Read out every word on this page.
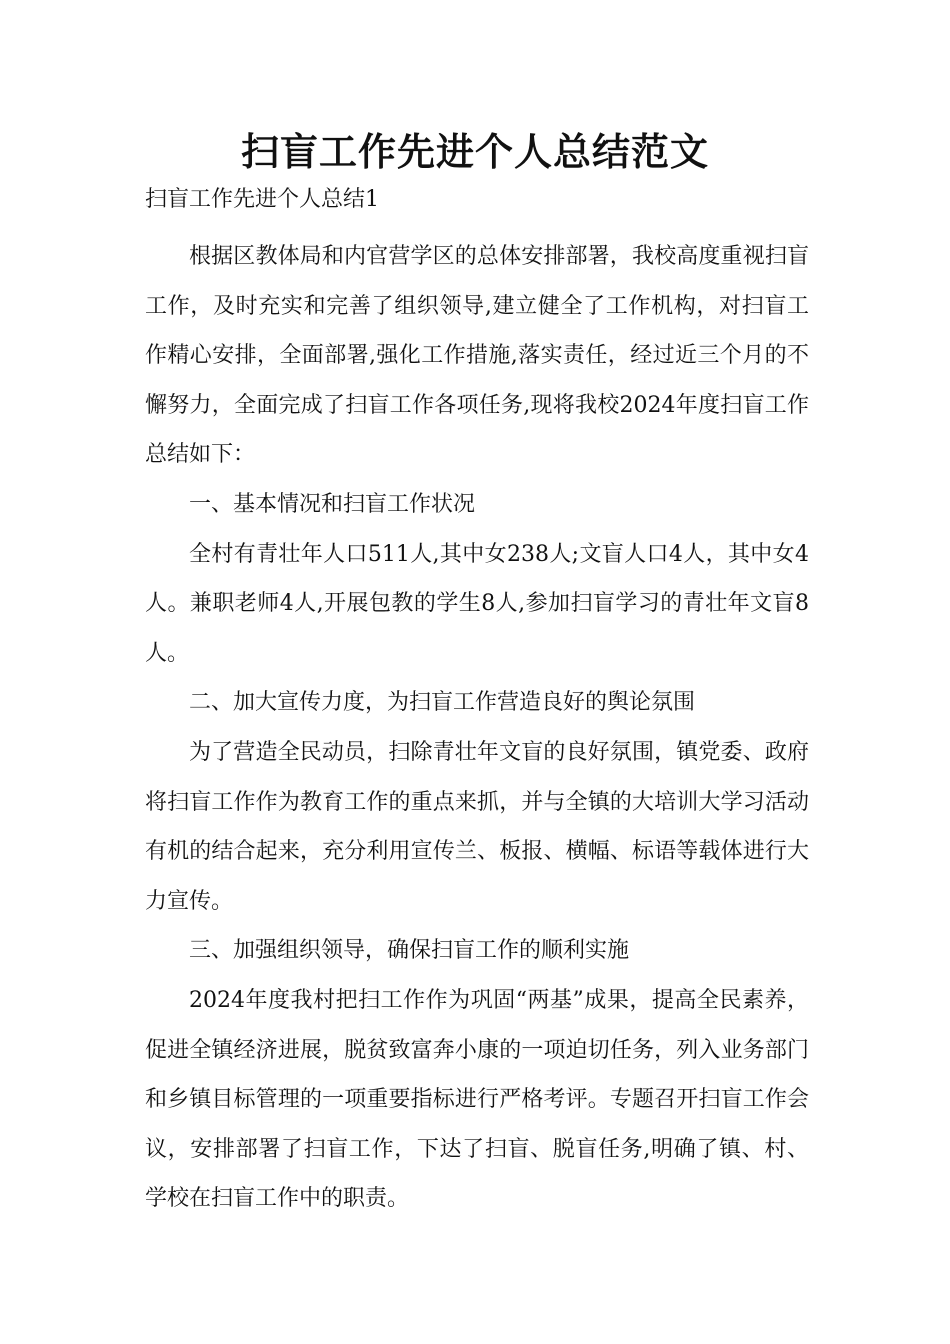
扫盲工作先进个人总结范文
扫盲工作先进个人总结1

根据区教体局和内官营学区的总体安排部署，我校高度重视扫盲工作，及时充实和完善了组织领导,建立健全了工作机构，对扫盲工作精心安排，全面部署,强化工作措施,落实责任，经过近三个月的不懈努力，全面完成了扫盲工作各项任务,现将我校2024年度扫盲工作总结如下：

一、基本情况和扫盲工作状况

全村有青壮年人口511人,其中女238人;文盲人口4人，其中女4人。兼职老师4人,开展包教的学生8人,参加扫盲学习的青壮年文盲8人。

二、加大宣传力度，为扫盲工作营造良好的舆论氛围

为了营造全民动员，扫除青壮年文盲的良好氛围，镇党委、政府将扫盲工作作为教育工作的重点来抓，并与全镇的大培训大学习活动有机的结合起来，充分利用宣传兰、板报、横幅、标语等载体进行大力宣传。

三、加强组织领导，确保扫盲工作的顺利实施

2024年度我村把扫工作作为巩固“两基”成果，提高全民素养，促进全镇经济进展，脱贫致富奔小康的一项迫切任务，列入业务部门和乡镇目标管理的一项重要指标进行严格考评。专题召开扫盲工作会议，安排部署了扫盲工作，下达了扫盲、脱盲任务,明确了镇、村、学校在扫盲工作中的职责。
